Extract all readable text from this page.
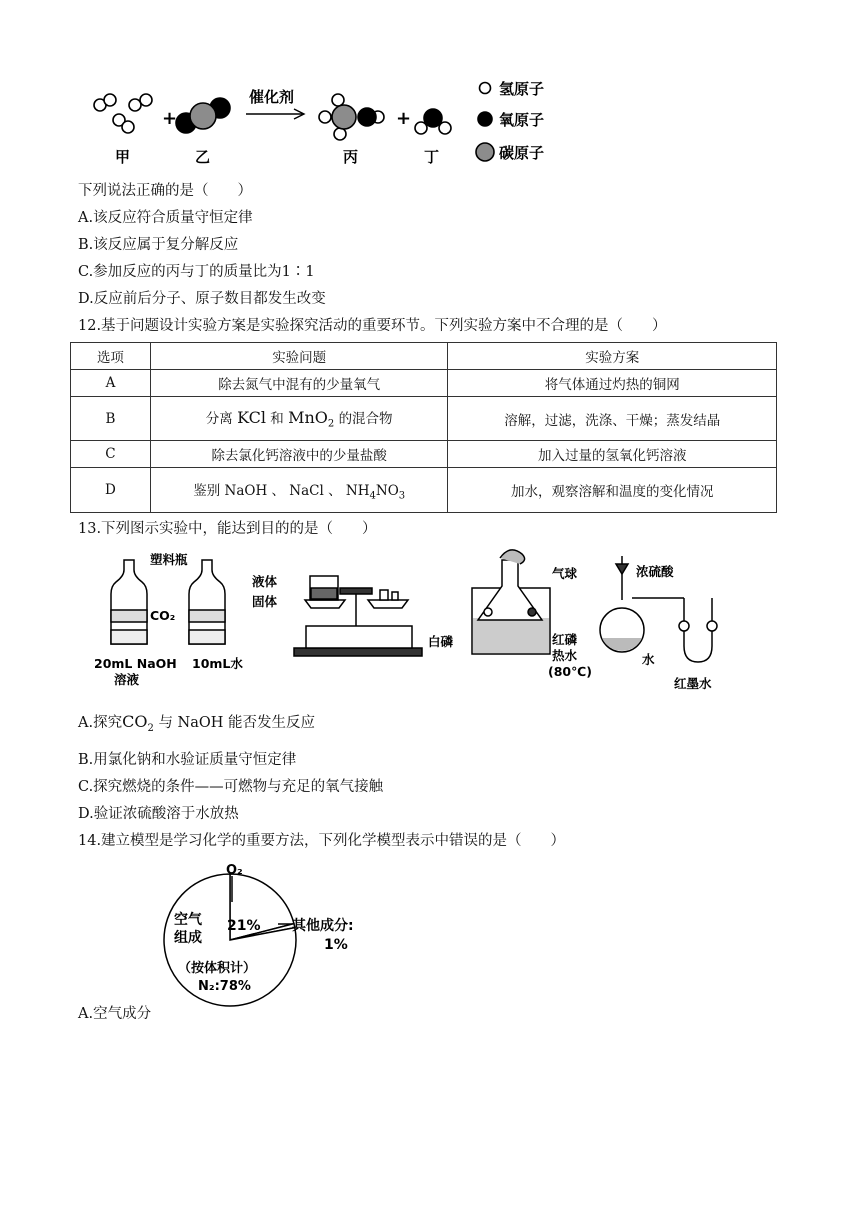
+	+
催化剂
甲	乙	丙	丁
氢原子
氧原子
碳原子
下列说法正确的是（　　）
A.该反应符合质量守恒定律
B.该反应属于复分解反应
C.参加反应的丙与丁的质量比为1∶1
D.反应前后分子、原子数目都发生改变
12.基于问题设计实验方案是实验探究活动的重要环节。下列实验方案中不合理的是（　　）
选项	实验问题	实验方案
A	除去氮气中混有的少量氧气	将气体通过灼热的铜网
B	分离 KCl 和 MnO$_2$ 的混合物	溶解，过滤，洗涤、干燥；蒸发结晶
C	除去氯化钙溶液中的少量盐酸	加入过量的氢氧化钙溶液
D	鉴别 NaOH 、 NaCl 、 $NH_4NO_3$	加水，观察溶解和温度的变化情况
13.下列图示实验中，能达到目的的是（　　）
塑料瓶
CO₂
20mL NaOH
溶液
10mL水
液体
固体
气球
白磷	红磷
热水
(80℃)
浓硫酸
水
红墨水
A.探究$CO_2$ 与 NaOH 能否发生反应
B.用氯化钠和水验证质量守恒定律
C.探究燃烧的条件——可燃物与充足的氧气接触
D.验证浓硫酸溶于水放热
14.建立模型是学习化学的重要方法，下列化学模型表示中错误的是（　　）
O₂
21%
空气
组成
其他成分:
1%
（按体积计）
N₂:78%
A.空气成分
